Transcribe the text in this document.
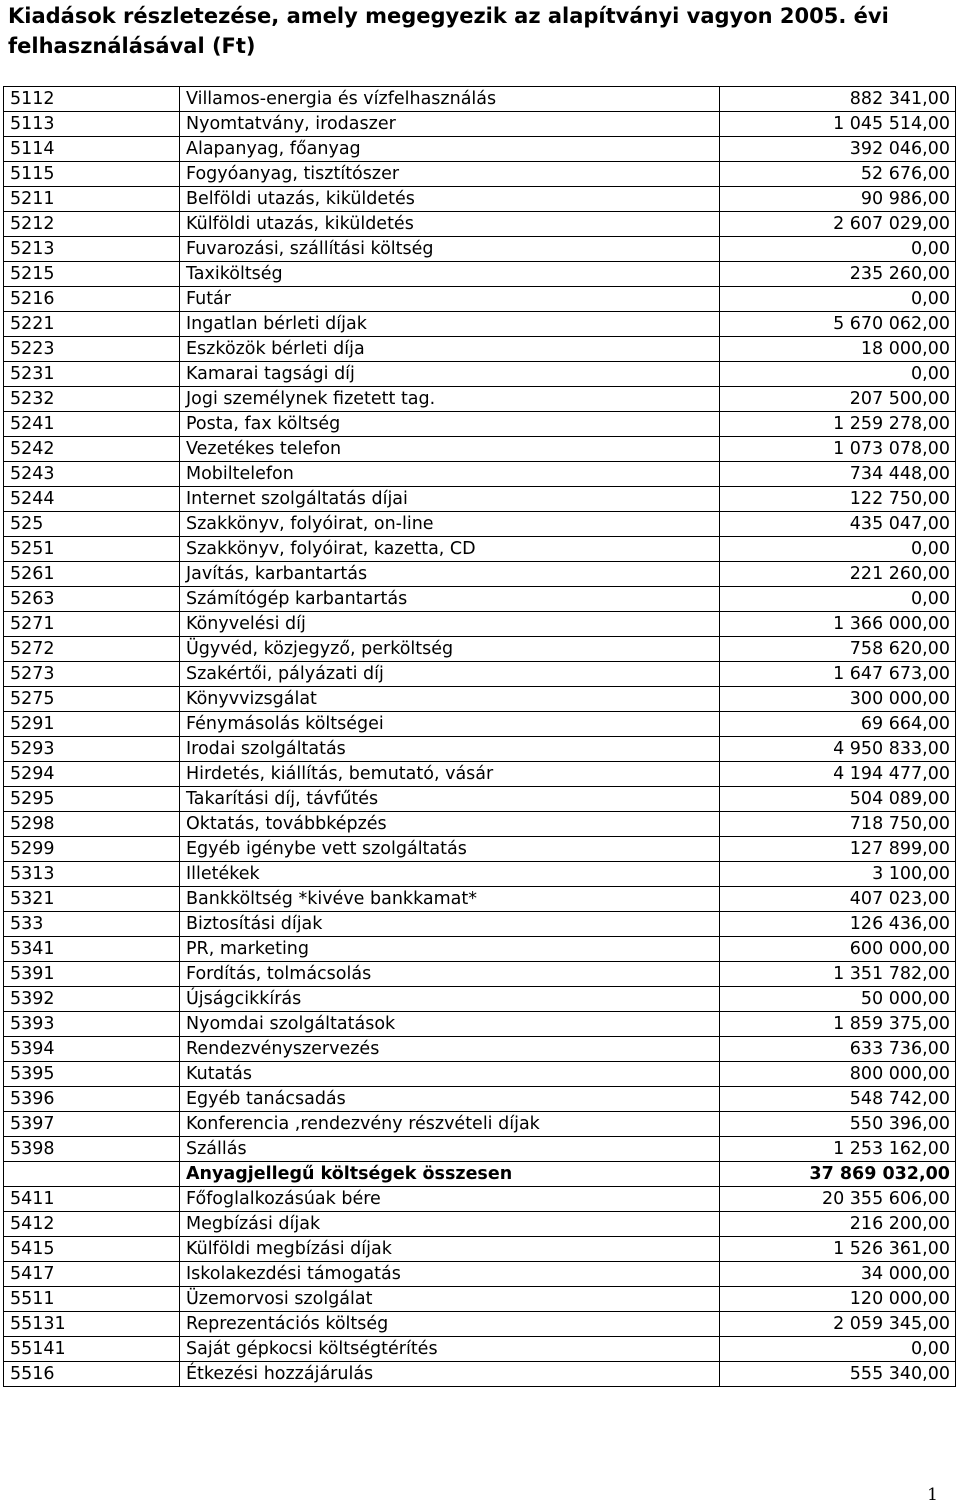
Kiadások részletezése, amely megegyezik az alapítványi vagyon 2005. évi felhasználásával (Ft)
5112	Villamos-energia és vízfelhasználás	882 341,00
5113	Nyomtatvány, irodaszer	1 045 514,00
5114	Alapanyag, főanyag	392 046,00
5115	Fogyóanyag, tisztítószer	52 676,00
5211	Belföldi utazás, kiküldetés	90 986,00
5212	Külföldi utazás, kiküldetés	2 607 029,00
5213	Fuvarozási, szállítási költség	0,00
5215	Taxiköltség	235 260,00
5216	Futár	0,00
5221	Ingatlan bérleti díjak	5 670 062,00
5223	Eszközök bérleti díja	18 000,00
5231	Kamarai tagsági díj	0,00
5232	Jogi személynek fizetett tag.	207 500,00
5241	Posta, fax költség	1 259 278,00
5242	Vezetékes telefon	1 073 078,00
5243	Mobiltelefon	734 448,00
5244	Internet szolgáltatás díjai	122 750,00
525	Szakkönyv, folyóirat, on-line	435 047,00
5251	Szakkönyv, folyóirat, kazetta, CD	0,00
5261	Javítás, karbantartás	221 260,00
5263	Számítógép karbantartás	0,00
5271	Könyvelési díj	1 366 000,00
5272	Ügyvéd, közjegyző, perköltség	758 620,00
5273	Szakértői, pályázati díj	1 647 673,00
5275	Könyvvizsgálat	300 000,00
5291	Fénymásolás költségei	69 664,00
5293	Irodai szolgáltatás	4 950 833,00
5294	Hirdetés, kiállítás, bemutató, vásár	4 194 477,00
5295	Takarítási díj, távfűtés	504 089,00
5298	Oktatás, továbbképzés	718 750,00
5299	Egyéb igénybe vett szolgáltatás	127 899,00
5313	Illetékek	3 100,00
5321	Bankköltség *kivéve bankkamat*	407 023,00
533	Biztosítási díjak	126 436,00
5341	PR, marketing	600 000,00
5391	Fordítás, tolmácsolás	1 351 782,00
5392	Újságcikkírás	50 000,00
5393	Nyomdai szolgáltatások	1 859 375,00
5394	Rendezvényszervezés	633 736,00
5395	Kutatás	800 000,00
5396	Egyéb tanácsadás	548 742,00
5397	Konferencia ,rendezvény részvételi díjak	550 396,00
5398	Szállás	1 253 162,00
	Anyagjellegű költségek összesen	37 869 032,00
5411	Főfoglalkozásúak bére	20 355 606,00
5412	Megbízási díjak	216 200,00
5415	Külföldi megbízási díjak	1 526 361,00
5417	Iskolakezdési támogatás	34 000,00
5511	Üzemorvosi szolgálat	120 000,00
55131	Reprezentációs költség	2 059 345,00
55141	Saját gépkocsi költségtérítés	0,00
5516	Étkezési hozzájárulás	555 340,00
1
